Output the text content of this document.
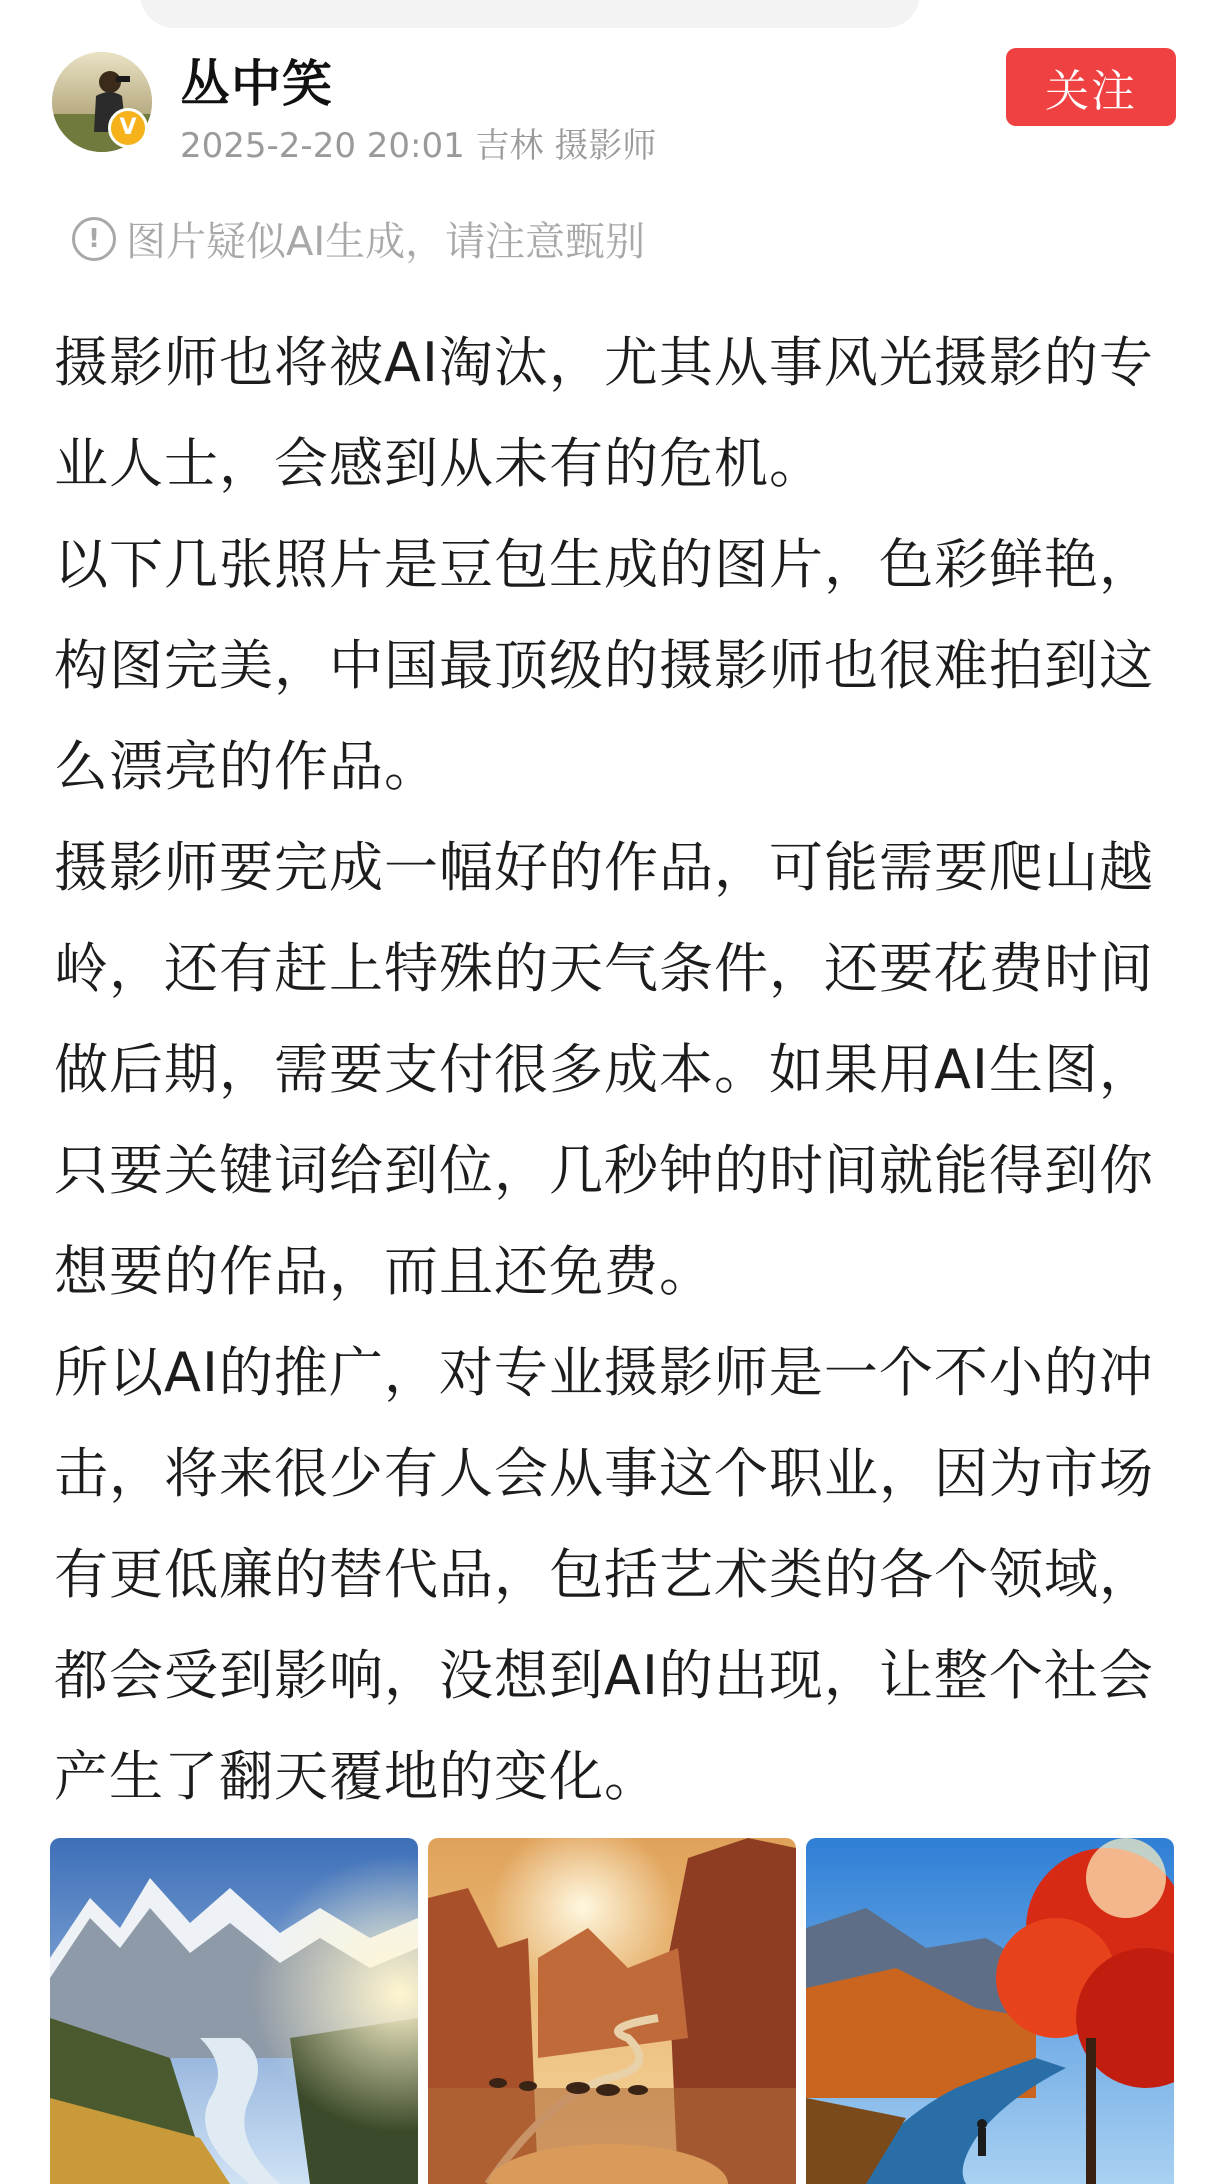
V
丛中笑
2025-2-20 20:01 吉林 摄影师
关注
! 图片疑似AI生成，请注意甄别

摄影师也将被AI淘汰，尤其从事风光摄影的专业人士，会感到从未有的危机。

以下几张照片是豆包生成的图片，色彩鲜艳，构图完美，中国最顶级的摄影师也很难拍到这么漂亮的作品。

摄影师要完成一幅好的作品，可能需要爬山越岭，还有赶上特殊的天气条件，还要花费时间做后期，需要支付很多成本。如果用AI生图，只要关键词给到位，几秒钟的时间就能得到你想要的作品，而且还免费。

所以AI的推广，对专业摄影师是一个不小的冲击，将来很少有人会从事这个职业，因为市场有更低廉的替代品，包括艺术类的各个领域，都会受到影响，没想到AI的出现，让整个社会产生了翻天覆地的变化。
